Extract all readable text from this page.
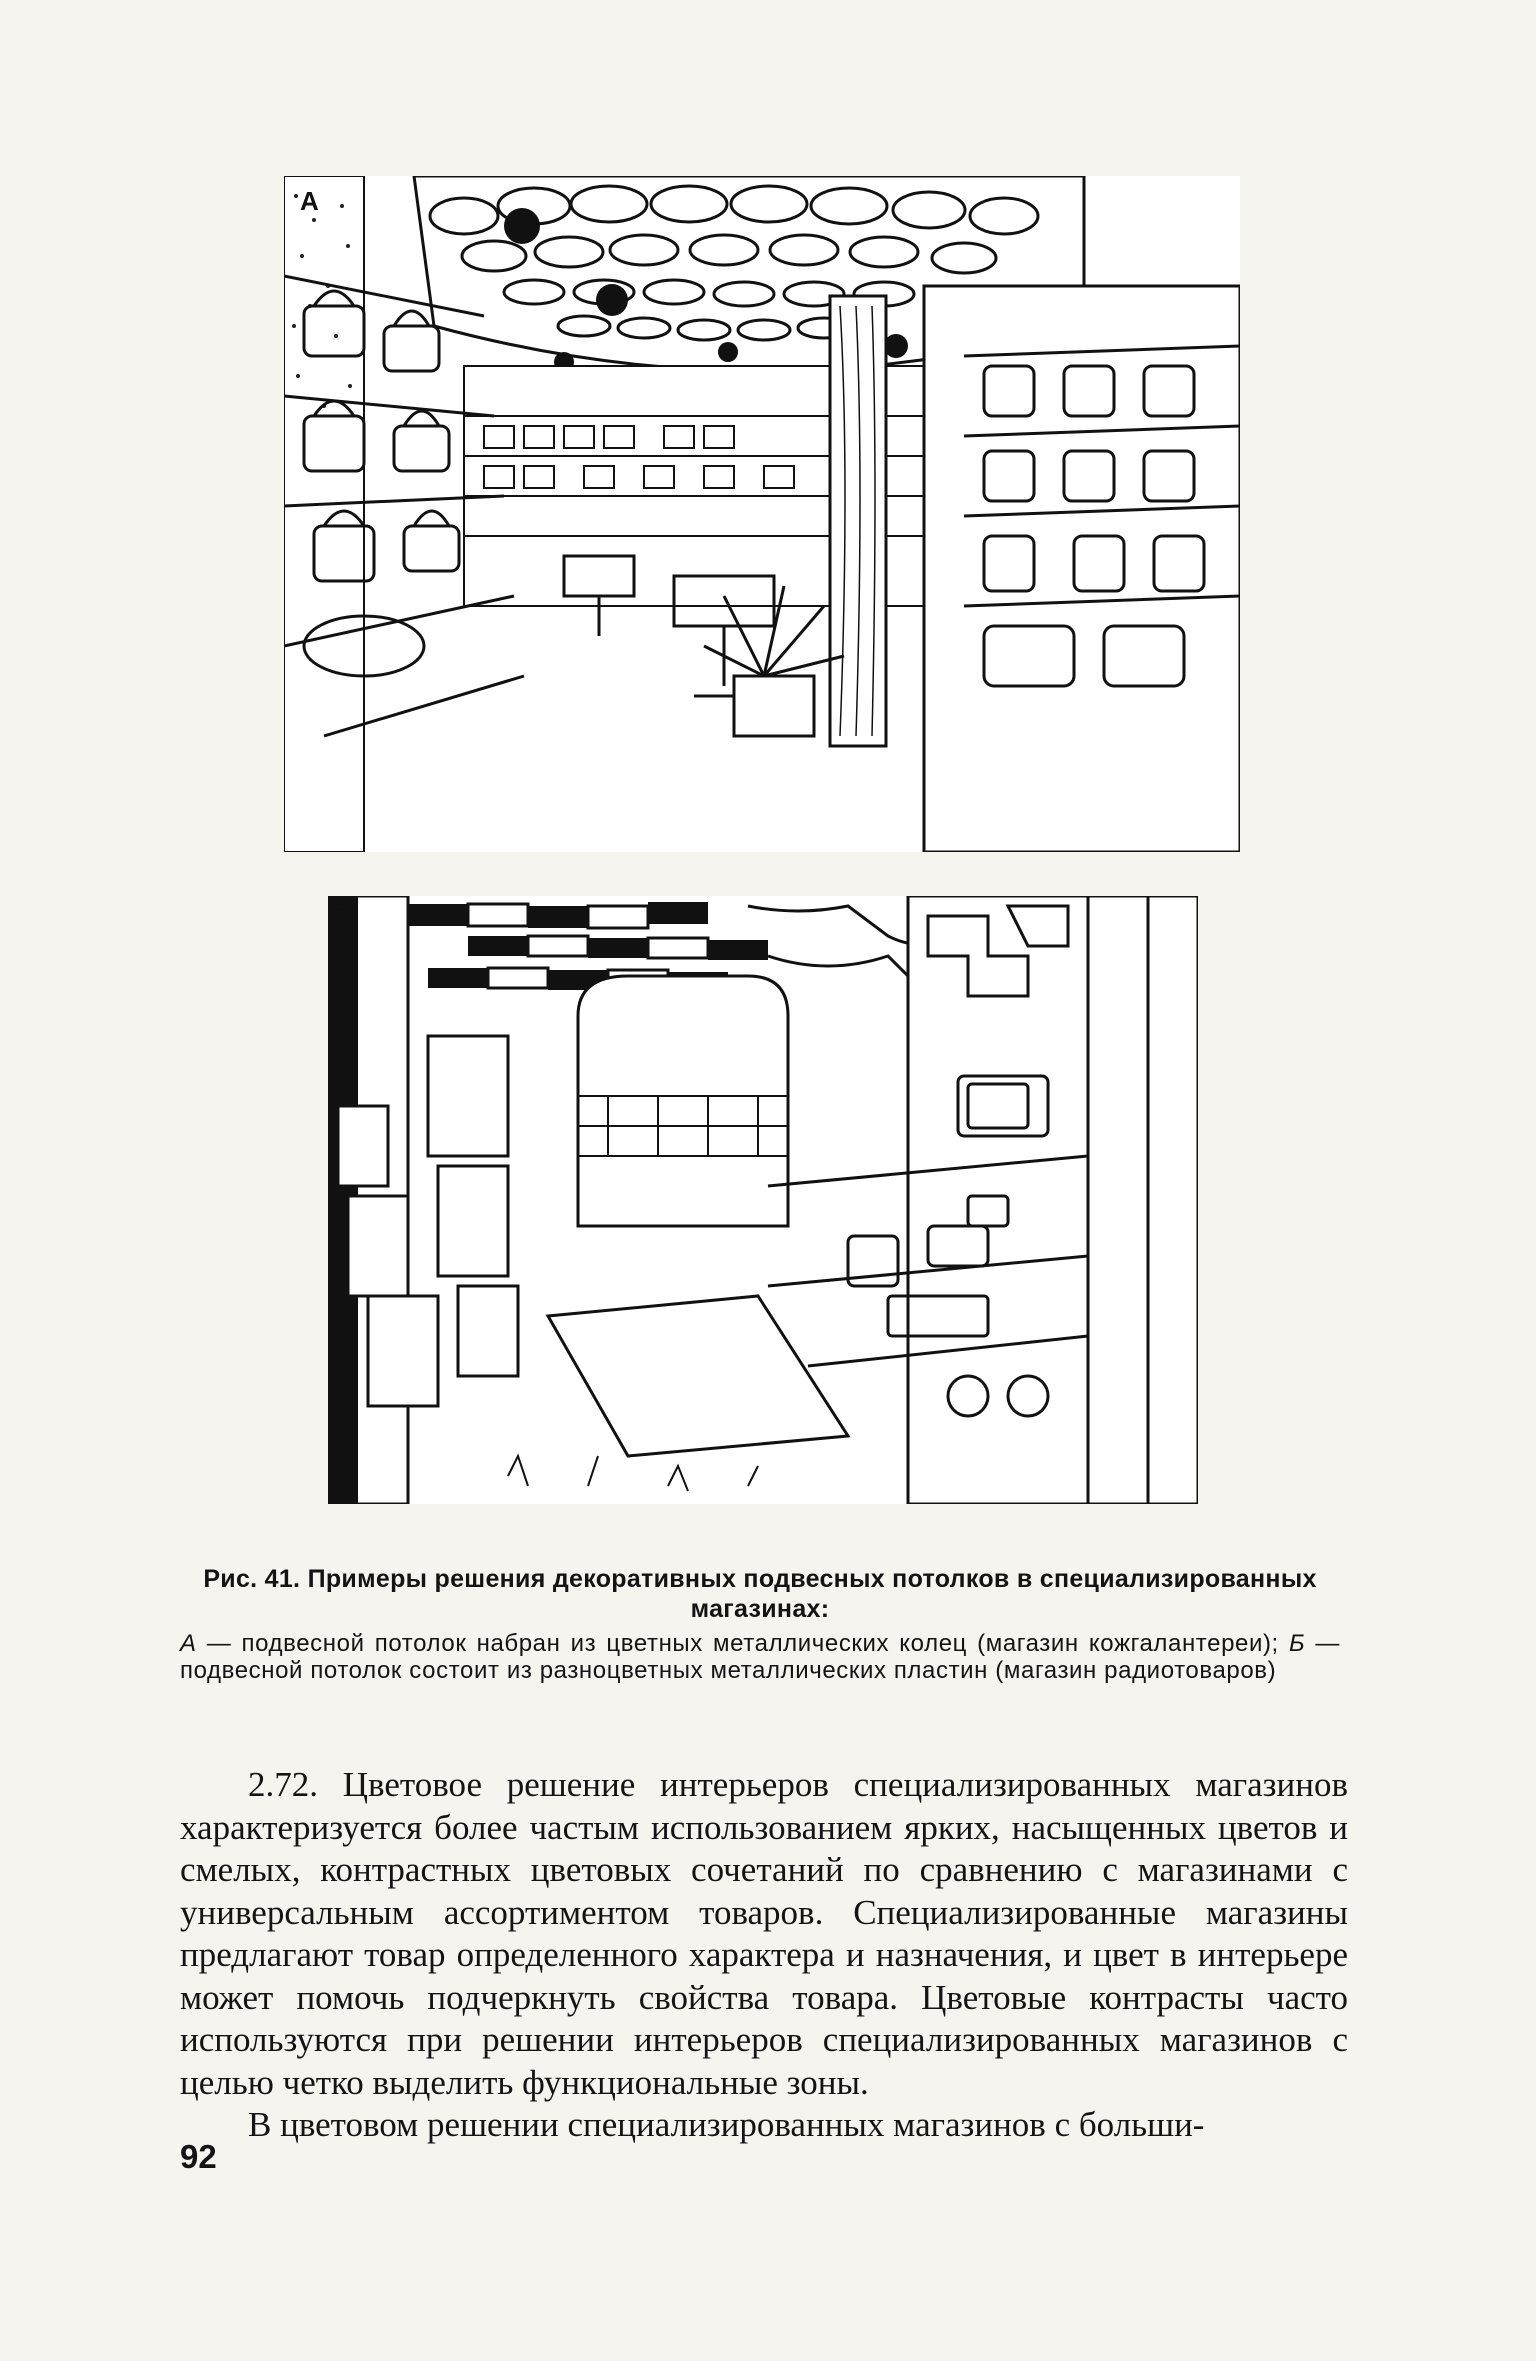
А
Б
Рис. 41. Примеры решения декоративных подвесных потолков в специализированных магазинах:
А — подвесной потолок набран из цветных металлических колец (магазин кожгалантереи); Б — подвесной потолок состоит из разноцветных металлических пластин (магазин радиотоваров)

2.72. Цветовое решение интерьеров специализированных магазинов характеризуется более частым использованием ярких, насыщенных цветов и смелых, контрастных цветовых сочетаний по сравнению с магазинами с универсальным ассортиментом товаров. Специализированные магазины предлагают товар определенного характера и назначения, и цвет в интерьере может помочь подчеркнуть свойства товара. Цветовые контрасты часто используются при решении интерьеров специализированных магазинов с целью четко выделить функциональные зоны.

В цветовом решении специализированных магазинов с больши-

92
